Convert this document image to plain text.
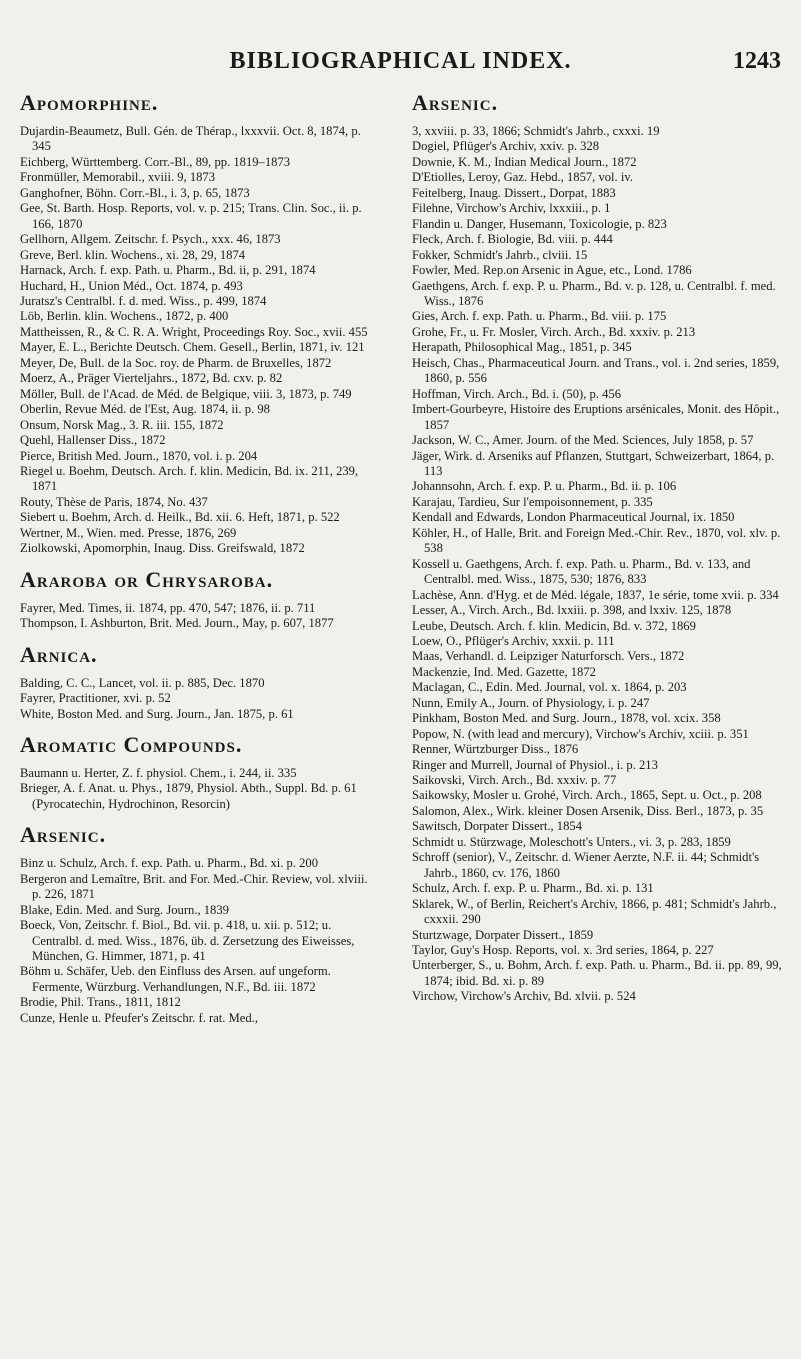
BIBLIOGRAPHICAL INDEX.	1243
Apomorphine.
Dujardin-Beaumetz, Bull. Gén. de Thérap., lxxxvii. Oct. 8, 1874, p. 345
Eichberg, Württemberg. Corr.-Bl., 89, pp. 1819–1873
Fronmüller, Memorabil., xviii. 9, 1873
Ganghofner, Böhn. Corr.-Bl., i. 3, p. 65, 1873
Gee, St. Barth. Hosp. Reports, vol. v. p. 215; Trans. Clin. Soc., ii. p. 166, 1870
Gellhorn, Allgem. Zeitschr. f. Psych., xxx. 46, 1873
Greve, Berl. klin. Wochens., xi. 28, 29, 1874
Harnack, Arch. f. exp. Path. u. Pharm., Bd. ii, p. 291, 1874
Huchard, H., Union Méd., Oct. 1874, p. 493
Juratsz's Centralbl. f. d. med. Wiss., p. 499, 1874
Löb, Berlin. klin. Wochens., 1872, p. 400
Mattheissen, R., & C. R. A. Wright, Proceedings Roy. Soc., xvii. 455
Mayer, E. L., Berichte Deutsch. Chem. Gesell., Berlin, 1871, iv. 121
Meyer, De, Bull. de la Soc. roy. de Pharm. de Bruxelles, 1872
Moerz, A., Präger Vierteljahrs., 1872, Bd. cxv. p. 82
Möller, Bull. de l'Acad. de Méd. de Belgique, viii. 3, 1873, p. 749
Oberlin, Revue Méd. de l'Est, Aug. 1874, ii. p. 98
Onsum, Norsk Mag., 3. R. iii. 155, 1872
Quehl, Hallenser Diss., 1872
Pierce, British Med. Journ., 1870, vol. i. p. 204
Riegel u. Boehm, Deutsch. Arch. f. klin. Medicin, Bd. ix. 211, 239, 1871
Routy, Thèse de Paris, 1874, No. 437
Siebert u. Boehm, Arch. d. Heilk., Bd. xii. 6. Heft, 1871, p. 522
Wertner, M., Wien. med. Presse, 1876, 269
Ziolkowski, Apomorphin, Inaug. Diss. Greifswald, 1872
Araroba or Chrysaroba.
Fayrer, Med. Times, ii. 1874, pp. 470, 547; 1876, ii. p. 711
Thompson, I. Ashburton, Brit. Med. Journ., May, p. 607, 1877
Arnica.
Balding, C. C., Lancet, vol. ii. p. 885, Dec. 1870
Fayrer, Practitioner, xvi. p. 52
White, Boston Med. and Surg. Journ., Jan. 1875, p. 61
Aromatic Compounds.
Baumann u. Herter, Z. f. physiol. Chem., i. 244, ii. 335
Brieger, A. f. Anat. u. Phys., 1879, Physiol. Abth., Suppl. Bd. p. 61 (Pyrocatechin, Hydrochinon, Resorcin)
Arsenic.
Binz u. Schulz, Arch. f. exp. Path. u. Pharm., Bd. xi. p. 200
Bergeron and Lemaître, Brit. and For. Med.-Chir. Review, vol. xlviii. p. 226, 1871
Blake, Edin. Med. and Surg. Journ., 1839
Boeck, Von, Zeitschr. f. Biol., Bd. vii. p. 418, u. xii. p. 512; u. Centralbl. d. med. Wiss., 1876, üb. d. Zersetzung des Eiweisses, München, G. Himmer, 1871, p. 41
Böhm u. Schäfer, Ueb. den Einfluss des Arsen. auf ungeform. Fermente, Würzburg. Verhandlungen, N.F., Bd. iii. 1872
Brodie, Phil. Trans., 1811, 1812
Cunze, Henle u. Pfeufer's Zeitschr. f. rat. Med.,
Arsenic.
3, xxviii. p. 33, 1866; Schmidt's Jahrb., cxxxi. 19
Dogiel, Pflüger's Archiv, xxiv. p. 328
Downie, K. M., Indian Medical Journ., 1872
D'Etiolles, Leroy, Gaz. Hebd., 1857, vol. iv.
Feitelberg, Inaug. Dissert., Dorpat, 1883
Filehne, Virchow's Archiv, lxxxiii., p. 1
Flandin u. Danger, Husemann, Toxicologie, p. 823
Fleck, Arch. f. Biologie, Bd. viii. p. 444
Fokker, Schmidt's Jahrb., clviii. 15
Fowler, Med. Rep.on Arsenic in Ague, etc., Lond. 1786
Gaethgens, Arch. f. exp. P. u. Pharm., Bd. v. p. 128, u. Centralbl. f. med. Wiss., 1876
Gies, Arch. f. exp. Path. u. Pharm., Bd. viii. p. 175
Grohe, Fr., u. Fr. Mosler, Virch. Arch., Bd. xxxiv. p. 213
Herapath, Philosophical Mag., 1851, p. 345
Heisch, Chas., Pharmaceutical Journ. and Trans., vol. i. 2nd series, 1859, 1860, p. 556
Hoffman, Virch. Arch., Bd. i. (50), p. 456
Imbert-Gourbeyre, Histoire des Eruptions arsénicales, Monit. des Hôpit., 1857
Jackson, W. C., Amer. Journ. of the Med. Sciences, July 1858, p. 57
Jäger, Wirk. d. Arseniks auf Pflanzen, Stuttgart, Schweizerbart, 1864, p. 113
Johannsohn, Arch. f. exp. P. u. Pharm., Bd. ii. p. 106
Karajau, Tardieu, Sur l'empoisonnement, p. 335
Kendall and Edwards, London Pharmaceutical Journal, ix. 1850
Köhler, H., of Halle, Brit. and Foreign Med.-Chir. Rev., 1870, vol. xlv. p. 538
Kossell u. Gaethgens, Arch. f. exp. Path. u. Pharm., Bd. v. 133, and Centralbl. med. Wiss., 1875, 530; 1876, 833
Lachèse, Ann. d'Hyg. et de Méd. légale, 1837, 1e série, tome xvii. p. 334
Lesser, A., Virch. Arch., Bd. lxxiii. p. 398, and lxxiv. 125, 1878
Leube, Deutsch. Arch. f. klin. Medicin, Bd. v. 372, 1869
Loew, O., Pflüger's Archiv, xxxii. p. 111
Maas, Verhandl. d. Leipziger Naturforsch. Vers., 1872
Mackenzie, Ind. Med. Gazette, 1872
Maclagan, C., Edin. Med. Journal, vol. x. 1864, p. 203
Nunn, Emily A., Journ. of Physiology, i. p. 247
Pinkham, Boston Med. and Surg. Journ., 1878, vol. xcix. 358
Popow, N. (with lead and mercury), Virchow's Archiv, xciii. p. 351
Renner, Würtzburger Diss., 1876
Ringer and Murrell, Journal of Physiol., i. p. 213
Saikovski, Virch. Arch., Bd. xxxiv. p. 77
Saikowsky, Mosler u. Grohé, Virch. Arch., 1865, Sept. u. Oct., p. 208
Salomon, Alex., Wirk. kleiner Dosen Arsenik, Diss. Berl., 1873, p. 35
Sawitsch, Dorpater Dissert., 1854
Schmidt u. Stürzwage, Moleschott's Unters., vi. 3, p. 283, 1859
Schroff (senior), V., Zeitschr. d. Wiener Aerzte, N.F. ii. 44; Schmidt's Jahrb., 1860, cv. 176, 1860
Schulz, Arch. f. exp. P. u. Pharm., Bd. xi. p. 131
Sklarek, W., of Berlin, Reichert's Archiv, 1866, p. 481; Schmidt's Jahrb., cxxxii. 290
Sturtzwage, Dorpater Dissert., 1859
Taylor, Guy's Hosp. Reports, vol. x. 3rd series, 1864, p. 227
Unterberger, S., u. Bohm, Arch. f. exp. Path. u. Pharm., Bd. ii. pp. 89, 99, 1874; ibid. Bd. xi. p. 89
Virchow, Virchow's Archiv, Bd. xlvii. p. 524
